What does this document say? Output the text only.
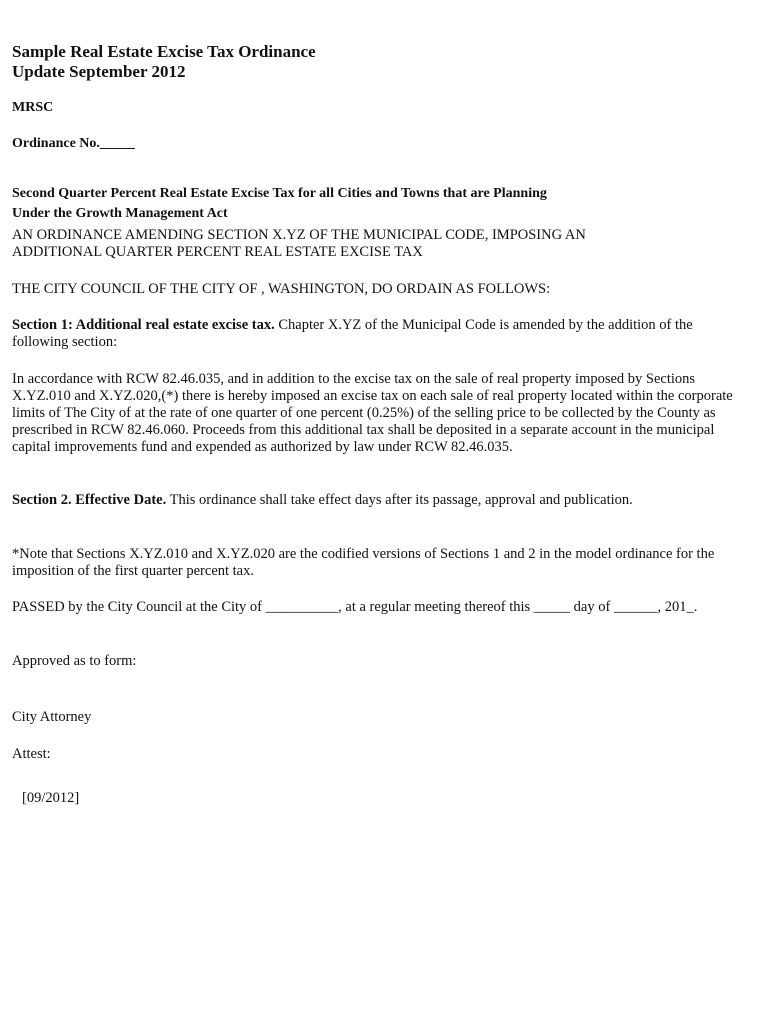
Sample Real Estate Excise Tax Ordinance
Update September 2012
MRSC
Ordinance No._____
Second Quarter Percent Real Estate Excise Tax for all Cities and Towns that are Planning
Under the Growth Management Act
AN ORDINANCE AMENDING SECTION X.YZ OF THE MUNICIPAL CODE, IMPOSING AN
ADDITIONAL QUARTER PERCENT REAL ESTATE EXCISE TAX
THE CITY COUNCIL OF THE CITY OF , WASHINGTON, DO ORDAIN AS FOLLOWS:
Section 1: Additional real estate excise tax. Chapter X.YZ of the Municipal Code is amended by the addition of the following section:
In accordance with RCW 82.46.035, and in addition to the excise tax on the sale of real property imposed by Sections X.YZ.010 and X.YZ.020,(*) there is hereby imposed an excise tax on each sale of real property located within the corporate limits of The City of at the rate of one quarter of one percent (0.25%) of the selling price to be collected by the County as prescribed in RCW 82.46.060. Proceeds from this additional tax shall be deposited in a separate account in the municipal capital improvements fund and expended as authorized by law under RCW 82.46.035.
Section 2. Effective Date. This ordinance shall take effect days after its passage, approval and publication.
*Note that Sections X.YZ.010 and X.YZ.020 are the codified versions of Sections 1 and 2 in the model ordinance for the imposition of the first quarter percent tax.
PASSED by the City Council at the City of __________, at a regular meeting thereof this _____ day of ______, 201_.
Approved as to form:
City Attorney
Attest:
[09/2012]
